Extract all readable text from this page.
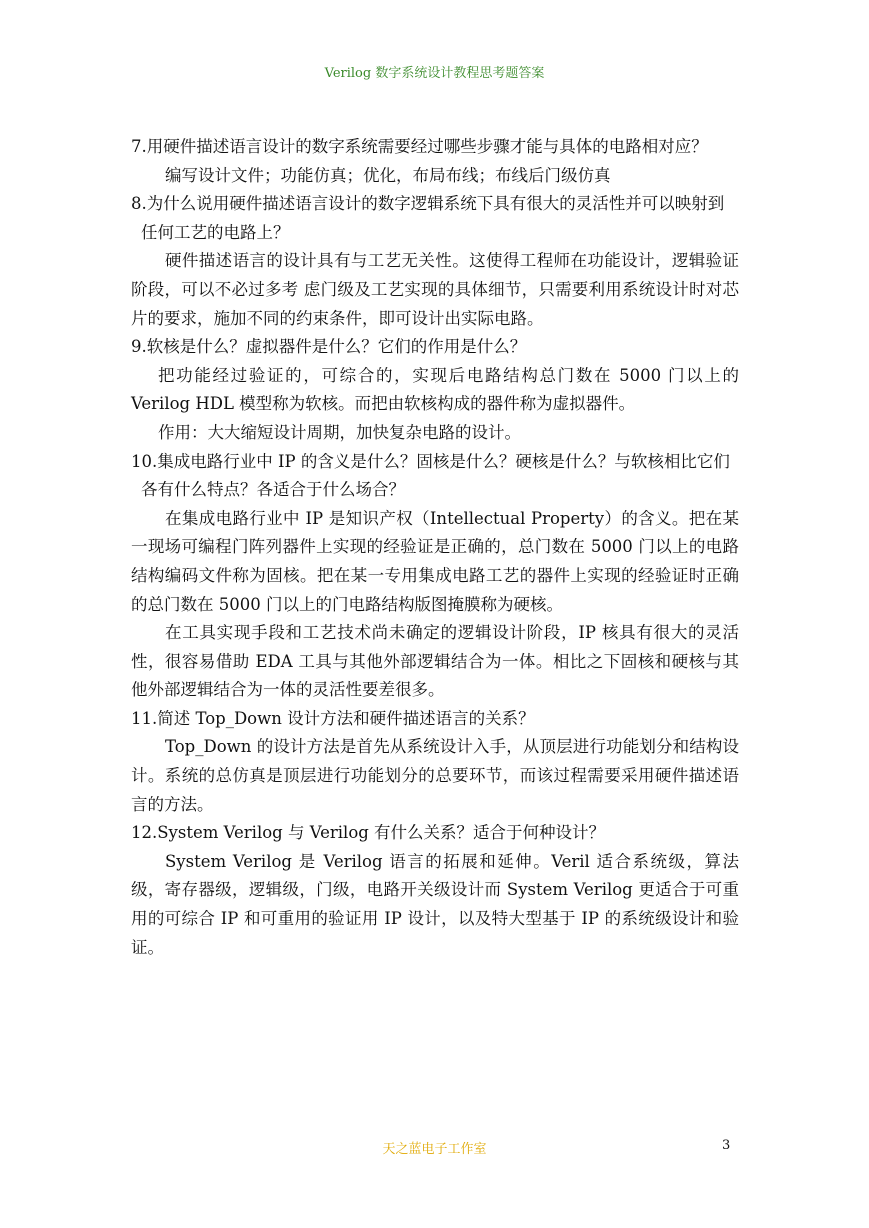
Verilog 数字系统设计教程思考题答案

7.用硬件描述语言设计的数字系统需要经过哪些步骤才能与具体的电路相对应？

编写设计文件；功能仿真；优化，布局布线；布线后门级仿真

8.为什么说用硬件描述语言设计的数字逻辑系统下具有很大的灵活性并可以映射到任何工艺的电路上？

硬件描述语言的设计具有与工艺无关性。这使得工程师在功能设计，逻辑验证阶段，可以不必过多考 虑门级及工艺实现的具体细节，只需要利用系统设计时对芯片的要求，施加不同的约束条件，即可设计出实际电路。

9.软核是什么？虚拟器件是什么？它们的作用是什么？

把功能经过验证的，可综合的，实现后电路结构总门数在 5000 门以上的 Verilog HDL 模型称为软核。而把由软核构成的器件称为虚拟器件。

作用：大大缩短设计周期，加快复杂电路的设计。

10.集成电路行业中 IP 的含义是什么？固核是什么？硬核是什么？与软核相比它们各有什么特点？各适合于什么场合？

在集成电路行业中 IP 是知识产权（Intellectual Property）的含义。把在某一现场可编程门阵列器件上实现的经验证是正确的，总门数在 5000 门以上的电路结构编码文件称为固核。把在某一专用集成电路工艺的器件上实现的经验证时正确的总门数在 5000 门以上的门电路结构版图掩膜称为硬核。

在工具实现手段和工艺技术尚未确定的逻辑设计阶段，IP 核具有很大的灵活性，很容易借助 EDA 工具与其他外部逻辑结合为一体。相比之下固核和硬核与其他外部逻辑结合为一体的灵活性要差很多。

11.简述 Top_Down 设计方法和硬件描述语言的关系？

Top_Down 的设计方法是首先从系统设计入手，从顶层进行功能划分和结构设计。系统的总仿真是顶层进行功能划分的总要环节，而该过程需要采用硬件描述语言的方法。

12.System Verilog 与 Verilog 有什么关系？适合于何种设计？

System Verilog 是 Verilog 语言的拓展和延伸。Veril 适合系统级，算法级，寄存器级，逻辑级，门级，电路开关级设计而 System Verilog 更适合于可重用的可综合 IP 和可重用的验证用 IP 设计，以及特大型基于 IP 的系统级设计和验证。

天之蓝电子工作室	3
